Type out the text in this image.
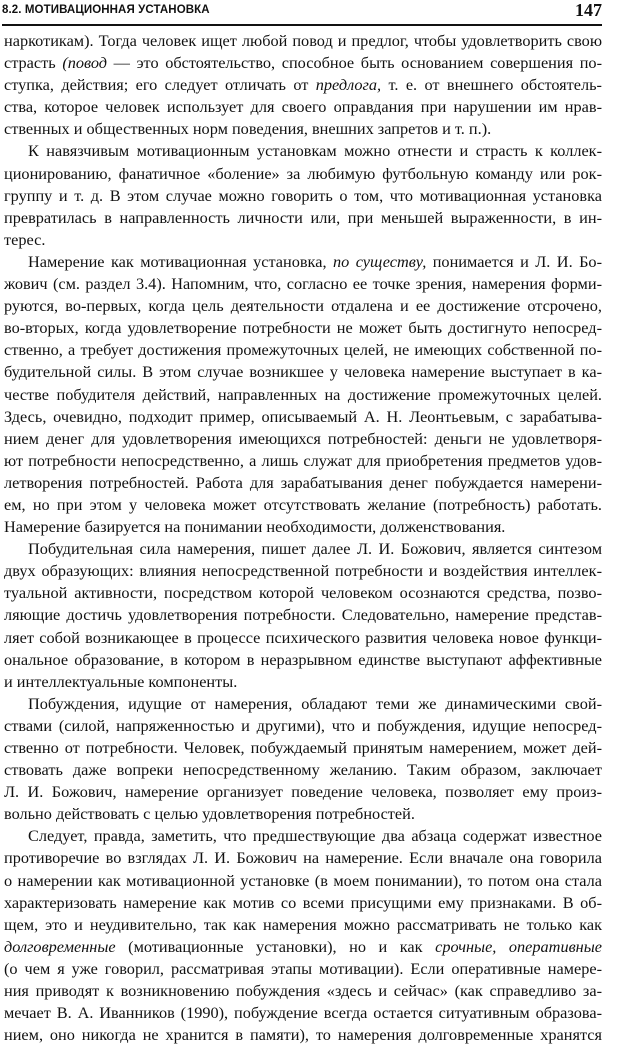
8.2. МОТИВАЦИОННАЯ УСТАНОВКА	147

наркотикам). Тогда человек ищет любой повод и предлог, чтобы удовлетворить свою
страсть (повод — это обстоятельство, способное быть основанием совершения по-
ступка, действия; его следует отличать от предлога, т. е. от внешнего обстоятель-
ства, которое человек использует для своего оправдания при нарушении им нрав-
ственных и общественных норм поведения, внешних запретов и т. п.).

К навязчивым мотивационным установкам можно отнести и страсть к коллек-
ционированию, фанатичное «боление» за любимую футбольную команду или рок-
группу и т. д. В этом случае можно говорить о том, что мотивационная установка
превратилась в направленность личности или, при меньшей выраженности, в ин-
терес.

Намерение как мотивационная установка, по существу, понимается и Л. И. Бо-
жович (см. раздел 3.4). Напомним, что, согласно ее точке зрения, намерения форми-
руются, во-первых, когда цель деятельности отдалена и ее достижение отсрочено,
во-вторых, когда удовлетворение потребности не может быть достигнуто непосред-
ственно, а требует достижения промежуточных целей, не имеющих собственной по-
будительной силы. В этом случае возникшее у человека намерение выступает в ка-
честве побудителя действий, направленных на достижение промежуточных целей.
Здесь, очевидно, подходит пример, описываемый А. Н. Леонтьевым, с зарабатыва-
нием денег для удовлетворения имеющихся потребностей: деньги не удовлетворя-
ют потребности непосредственно, а лишь служат для приобретения предметов удов-
летворения потребностей. Работа для зарабатывания денег побуждается намерени-
ем, но при этом у человека может отсутствовать желание (потребность) работать.
Намерение базируется на понимании необходимости, долженствования.

Побудительная сила намерения, пишет далее Л. И. Божович, является синтезом
двух образующих: влияния непосредственной потребности и воздействия интеллек-
туальной активности, посредством которой человеком осознаются средства, позво-
ляющие достичь удовлетворения потребности. Следовательно, намерение представ-
ляет собой возникающее в процессе психического развития человека новое функци-
ональное образование, в котором в неразрывном единстве выступают аффективные
и интеллектуальные компоненты.

Побуждения, идущие от намерения, обладают теми же динамическими свой-
ствами (силой, напряженностью и другими), что и побуждения, идущие непосред-
ственно от потребности. Человек, побуждаемый принятым намерением, может дей-
ствовать даже вопреки непосредственному желанию. Таким образом, заключает
Л. И. Божович, намерение организует поведение человека, позволяет ему произ-
вольно действовать с целью удовлетворения потребностей.

Следует, правда, заметить, что предшествующие два абзаца содержат известное
противоречие во взглядах Л. И. Божович на намерение. Если вначале она говорила
о намерении как мотивационной установке (в моем понимании), то потом она стала
характеризовать намерение как мотив со всеми присущими ему признаками. В об-
щем, это и неудивительно, так как намерения можно рассматривать не только как
долговременные (мотивационные установки), но и как срочные, оперативные
(о чем я уже говорил, рассматривая этапы мотивации). Если оперативные намере-
ния приводят к возникновению побуждения «здесь и сейчас» (как справедливо за-
мечает В. А. Иванников (1990), побуждение всегда остается ситуативным образова-
нием, оно никогда не хранится в памяти), то намерения долговременные хранятся
